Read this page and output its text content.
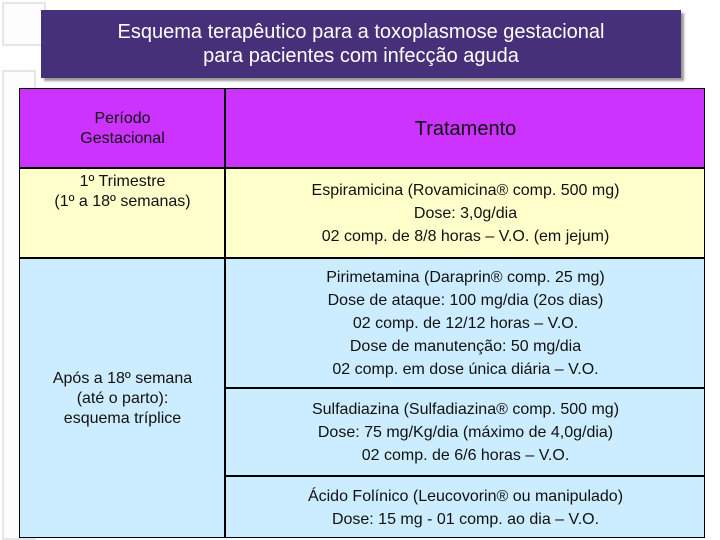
Esquema terapêutico para a toxoplasmose gestacional
para pacientes com infecção aguda
Período
Gestacional	Tratamento
1º Trimestre
(1º a 18º semanas)
Espiramicina (Rovamicina® comp. 500 mg)
Dose: 3,0g/dia
02 comp. de 8/8 horas – V.O. (em jejum)
Após a 18º semana
(até o parto):
esquema tríplice
Pirimetamina (Daraprin® comp. 25 mg)
Dose de ataque: 100 mg/dia (2os dias)
02 comp. de 12/12 horas – V.O.
Dose de manutenção: 50 mg/dia
02 comp. em dose única diária – V.O.
Sulfadiazina (Sulfadiazina® comp. 500 mg)
Dose: 75 mg/Kg/dia (máximo de 4,0g/dia)
02 comp. de 6/6 horas – V.O.
Ácido Folínico (Leucovorin® ou manipulado)
Dose: 15 mg - 01 comp. ao dia – V.O.
